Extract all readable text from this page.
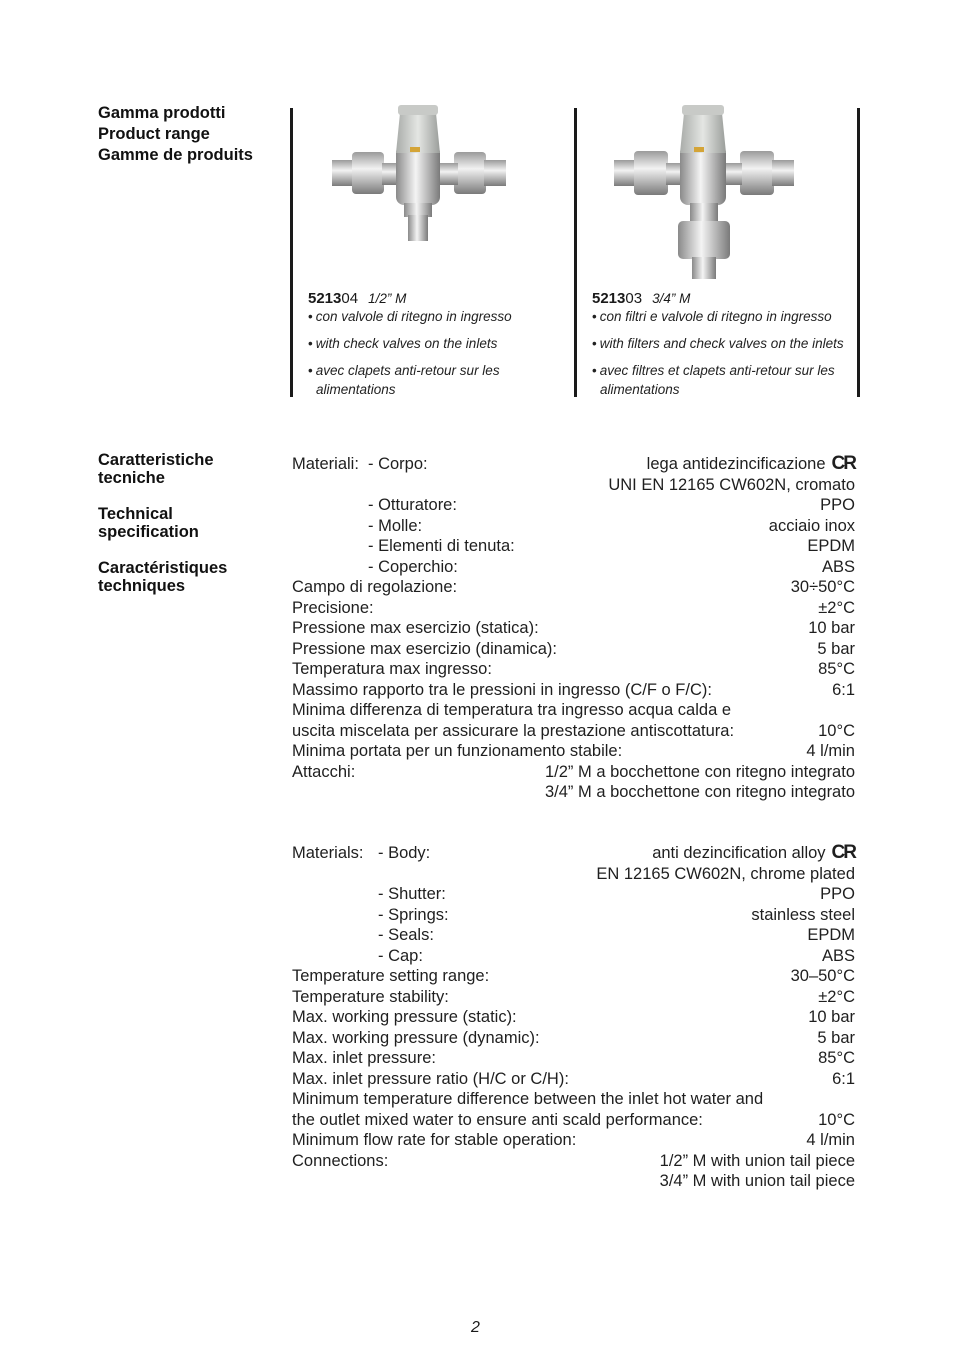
Gamma prodotti
Product range
Gamme de produits
521304 1/2” M
• con valvole di ritegno in ingresso
• with check valves on the inlets
• avec clapets anti-retour sur les
alimentations
521303 3/4” M
• con filtri e valvole di ritegno in ingresso
• with filters and check valves on the inlets
• avec filtres et clapets anti-retour sur les
alimentations
Caratteristiche
tecniche
Technical
specification
Caractéristiques
techniques
Materiali: - Corpo:	lega antidezincificazione CR
UNI EN 12165 CW602N, cromato
- Otturatore:	PPO
- Molle:	acciaio inox
- Elementi di tenuta:	EPDM
- Coperchio:	ABS
Campo di regolazione:	30÷50°C
Precisione:	±2°C
Pressione max esercizio (statica):	10 bar
Pressione max esercizio (dinamica):	5 bar
Temperatura max ingresso:	85°C
Massimo rapporto tra le pressioni in ingresso (C/F o F/C):	6:1
Minima differenza di temperatura tra ingresso acqua calda e
uscita miscelata per assicurare la prestazione antiscottatura:	10°C
Minima portata per un funzionamento stabile:	4 l/min
Attacchi:	1/2” M a bocchettone con ritegno integrato
3/4” M a bocchettone con ritegno integrato
Materials: - Body:	anti dezincification alloy CR
EN 12165 CW602N, chrome plated
- Shutter:	PPO
- Springs:	stainless steel
- Seals:	EPDM
- Cap:	ABS
Temperature setting range:	30–50°C
Temperature stability:	±2°C
Max. working pressure (static):	10 bar
Max. working pressure (dynamic):	5 bar
Max. inlet pressure:	85°C
Max. inlet pressure ratio (H/C or C/H):	6:1
Minimum temperature difference between the inlet hot water and
the outlet mixed water to ensure anti scald performance:	10°C
Minimum flow rate for stable operation:	4 l/min
Connections:	1/2” M with union tail piece
3/4” M with union tail piece
2
